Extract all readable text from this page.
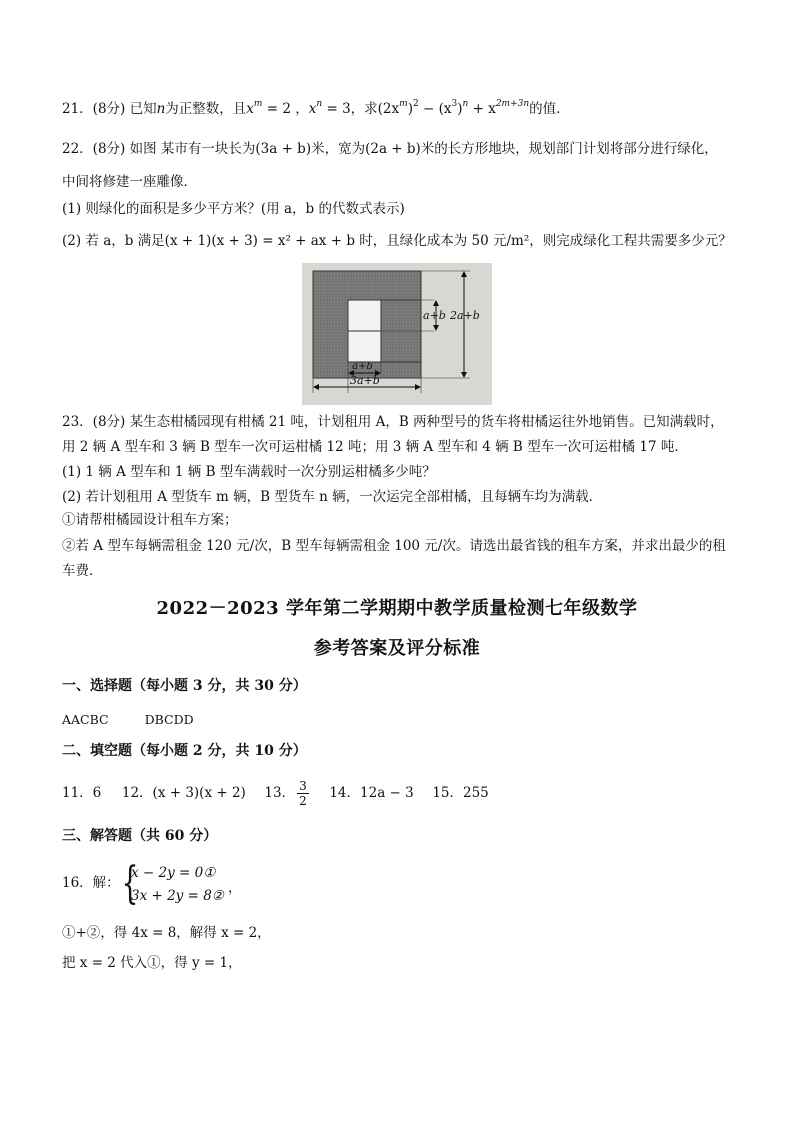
21．(8分) 已知n为正整数，且$x^m = 2$ ，$x^n = 3$，求$(2x^m)^2 - (x^3)^n + x^{2m+3n}$的值．
22．(8分) 如图 某市有一块长为(3a + b)米，宽为(2a + b)米的长方形地块，规划部门计划将部分进行绿化，
中间将修建一座雕像．
(1) 则绿化的面积是多少平方米？(用 a，b 的代数式表示)
(2) 若 a，b 满足(x + 1)(x + 3) = x² + ax + b 时，且绿化成本为 50 元/m²，则完成绿化工程共需要多少元？
a+b 2a+b
a+b
3a+b
23．(8分) 某生态柑橘园现有柑橘 21 吨，计划租用 A，B 两种型号的货车将柑橘运往外地销售。已知满载时，
用 2 辆 A 型车和 3 辆 B 型车一次可运柑橘 12 吨；用 3 辆 A 型车和 4 辆 B 型车一次可运柑橘 17 吨．
(1) 1 辆 A 型车和 1 辆 B 型车满载时一次分别运柑橘多少吨？
(2) 若计划租用 A 型货车 m 辆，B 型货车 n 辆，一次运完全部柑橘，且每辆车均为满载．
①请帮柑橘园设计租车方案；
②若 A 型车每辆需租金 120 元/次，B 型车每辆需租金 100 元/次。请选出最省钱的租车方案，并求出最少的租
车费．
2022－2023 学年第二学期期中教学质量检测七年级数学
参考答案及评分标准
一、选择题（每小题 3 分，共 30 分）
AACBC	DBCDD
二、填空题（每小题 2 分，共 10 分）
11．6 12．(x + 3)(x + 2) 13． $\frac{3}{2} 14$．12a − 3 15．255
三、解答题（共 60 分）
16．解： {
x − 2y = 0①
3x + 2y = 8② ，
①+②，得 4x = 8，解得 x = 2，
把 x = 2 代入①，得 y = 1，
